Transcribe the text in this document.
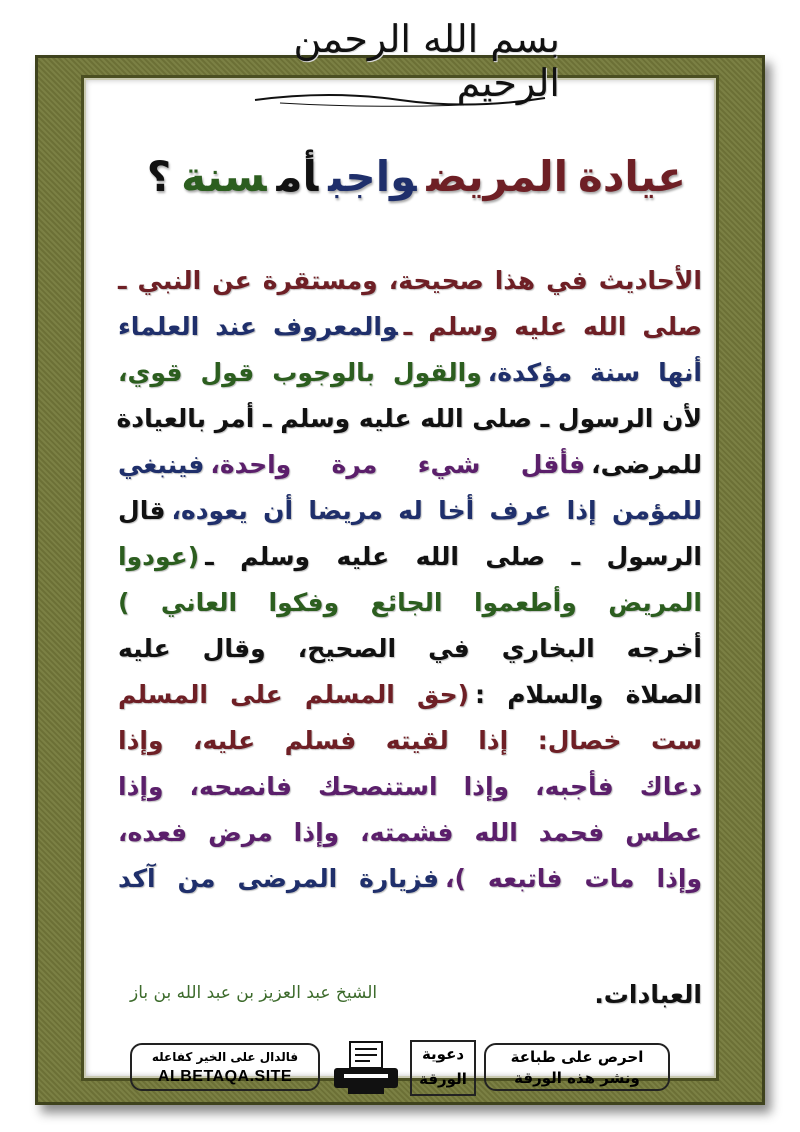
بسم الله الرحمن الرحيم
عيادةالمريضواجبأمسنة؟
الأحاديث في هذا صحيحة، ومستقرة عن النبي ـ
صلى الله عليه وسلم ـوالمعروف عند العلماء
أنها سنة مؤكدة،والقول بالوجوب قول قوي،
لأن الرسول ـ صلى الله عليه وسلم ـ أمر بالعيادة
للمرضى،فأقل شيء مرة واحدة،فينبغي
للمؤمن إذا عرف أخا له مريضا أن يعوده،قال
الرسول ـ صلى الله عليه وسلم ـ(عودوا
المريض وأطعموا الجائع وفكوا العاني )
أخرجه البخاري في الصحيح، وقال عليه
الصلاة والسلام :(حق المسلم على المسلم
ست خصال: إذا لقيته فسلم عليه، وإذا
دعاك فأجبه، وإذا استنصحك فانصحه، وإذا
عطس فحمد الله فشمته، وإذا مرض فعده،
وإذا مات فاتبعه )،فزيارة المرضى من آكد
العبادات.
الشيخ عبد العزيز بن عبد الله بن باز
فالدال على الخير كفاعله
ALBETAQA.SITE
دعوية
الورقة
احرص على طباعة
ونشر هذه الورقة
